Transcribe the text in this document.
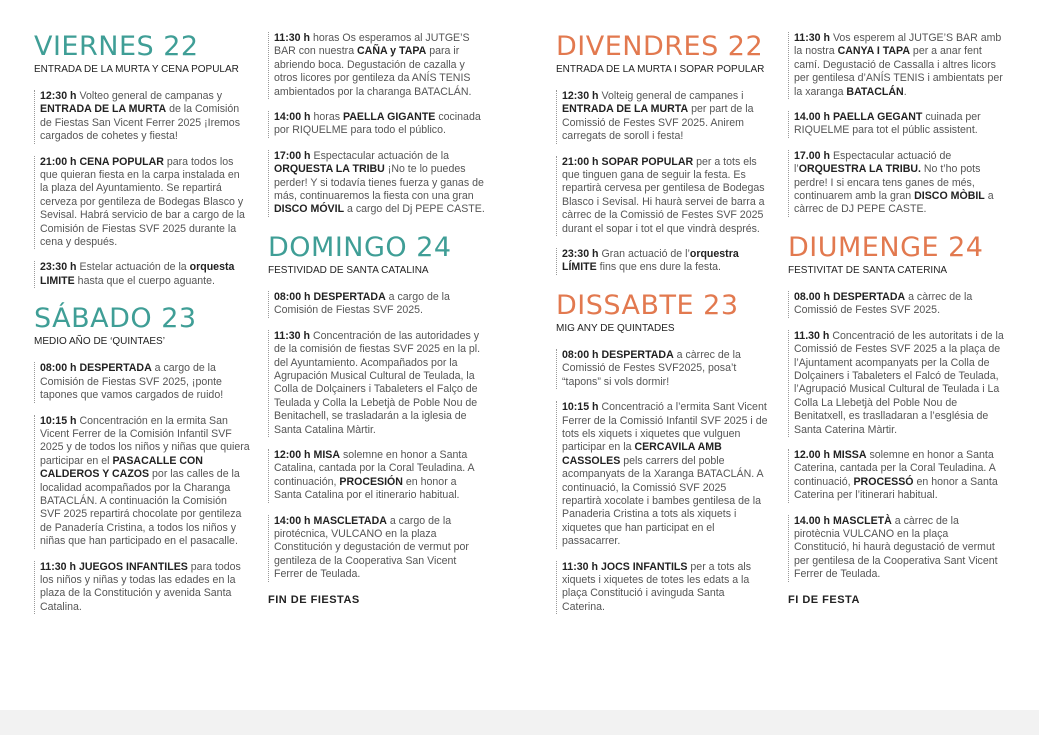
VIERNES 22
ENTRADA DE LA MURTA Y CENA POPULAR

12:30 h Volteo general de campanas y ENTRADA DE LA MURTA de la Comisión de Fiestas San Vicent Ferrer 2025 ¡Iremos cargados de cohetes y fiesta!

21:00 h CENA POPULAR para todos los que quieran fiesta en la carpa instalada en la plaza del Ayuntamiento. Se repartirá cerveza por gentileza de Bodegas Blasco y Sevisal. Habrá servicio de bar a cargo de la Comisión de Fiestas SVF 2025 durante la cena y después.

23:30 h Estelar actuación de la orquesta LIMITE hasta que el cuerpo aguante.

SÁBADO 23
MEDIO AÑO DE ‘QUINTAES’

08:00 h DESPERTADA a cargo de la Comisión de Fiestas SVF 2025, ¡ponte tapones que vamos cargados de ruido!

10:15 h Concentración en la ermita San Vicent Ferrer de la Comisión Infantil SVF 2025 y de todos los niños y niñas que quiera participar en el PASACALLE CON CALDEROS Y CAZOS por las calles de la localidad acompañados por la Charanga BATACLÁN. A continuación la Comisión SVF 2025 repartirá chocolate por gentileza de Panadería Cristina, a todos los niños y niñas que han participado en el pasacalle.

11:30 h JUEGOS INFANTILES para todos los niños y niñas y todas las edades en la plaza de la Constitución y avenida Santa Catalina.

11:30 h horas Os esperamos al JUTGE’S BAR con nuestra CAÑA y TAPA para ir abriendo boca. Degustación de cazalla y otros licores por gentileza da ANÍS TENIS ambientados por la charanga BATACLÁN.

14:00 h horas PAELLA GIGANTE cocinada por RIQUELME para todo el público.

17:00 h Espectacular actuación de la ORQUESTA LA TRIBU ¡No te lo puedes perder! Y si todavía tienes fuerza y ganas de más, continuaremos la fiesta con una gran DISCO MÓVIL a cargo del Dj PEPE CASTE.

DOMINGO 24
FESTIVIDAD DE SANTA CATALINA

08:00 h DESPERTADA a cargo de la Comisión de Fiestas SVF 2025.

11:30 h Concentración de las autoridades y de la comisión de fiestas SVF 2025 en la pl. del Ayuntamiento. Acompañados por la Agrupación Musical Cultural de Teulada, la Colla de Dolçainers i Tabaleters el Falço de Teulada y Colla la Lebetjà de Poble Nou de Benitachell, se trasladarán a la iglesia de Santa Catalina Màrtir.

12:00 h MISA solemne en honor a Santa Catalina, cantada por la Coral Teuladina. A continuación, PROCESIÓN en honor a Santa Catalina por el itinerario habitual.

14:00 h MASCLETADA a cargo de la pirotécnica, VULCANO en la plaza Constitución y degustación de vermut por gentileza de la Cooperativa San Vicent Ferrer de Teulada.

FIN DE FIESTAS
DIVENDRES 22
ENTRADA DE LA MURTA I SOPAR POPULAR

12:30 h Volteig general de campanes i ENTRADA DE LA MURTA per part de la Comissió de Festes SVF 2025. Anirem carregats de soroll i festa!

21:00 h SOPAR POPULAR per a tots els que tinguen gana de seguir la festa. Es repartirà cervesa per gentilesa de Bodegas Blasco i Sevisal. Hi haurà servei de barra a càrrec de la Comissió de Festes SVF 2025 durant el sopar i tot el que vindrà després.

23:30 h Gran actuació de l’orquestra LÍMITE fins que ens dure la festa.

DISSABTE 23
MIG ANY DE QUINTADES

08:00 h DESPERTADA a càrrec de la Comissió de Festes SVF2025, posa’t “tapons” si vols dormir!

10:15 h Concentració a l’ermita Sant Vicent Ferrer de la Comissió Infantil SVF 2025 i de tots els xiquets i xiquetes que vulguen participar en la CERCAVILA AMB CASSOLES pels carrers del poble acompanyats de la Xaranga BATACLÁN. A continuació, la Comissió SVF 2025 repartirà xocolate i bambes gentilesa de la Panaderia Cristina a tots als xiquets i xiquetes que han participat en el passacarrer.

11:30 h JOCS INFANTILS per a tots als xiquets i xiquetes de totes les edats a la plaça Constitució i avinguda Santa Caterina.

11:30 h Vos esperem al JUTGE’S BAR amb la nostra CANYA I TAPA per a anar fent camí. Degustació de Cassalla i altres licors per gentilesa d’ANÍS TENIS i ambientats per la xaranga BATACLÁN.

14.00 h PAELLA GEGANT cuinada per RIQUELME para tot el públic assistent.

17.00 h Espectacular actuació de l’ORQUESTRA LA TRIBU. No t’ho pots perdre! I si encara tens ganes de més, continuarem amb la gran DISCO MÒBIL a càrrec de DJ PEPE CASTE.

DIUMENGE 24
FESTIVITAT DE SANTA CATERINA

08.00 h DESPERTADA a càrrec de la Comissió de Festes SVF 2025.

11.30 h Concentració de les autoritats i de la Comissió de Festes SVF 2025 a la plaça de l’Ajuntament acompanyats per la Colla de Dolçainers i Tabaleters el Falcó de Teulada, l’Agrupació Musical Cultural de Teulada i La Colla La Llebetjà del Poble Nou de Benitatxell, es traslladaran a l’església de Santa Caterina Màrtir.

12.00 h MISSA solemne en honor a Santa Caterina, cantada per la Coral Teuladina. A continuació, PROCESSÓ en honor a Santa Caterina per l’itinerari habitual.

14.00 h MASCLETÀ a càrrec de la pirotècnia VULCANO en la plaça Constitució, hi haurà degustació de vermut per gentilesa de la Cooperativa Sant Vicent Ferrer de Teulada.

FI DE FESTA
